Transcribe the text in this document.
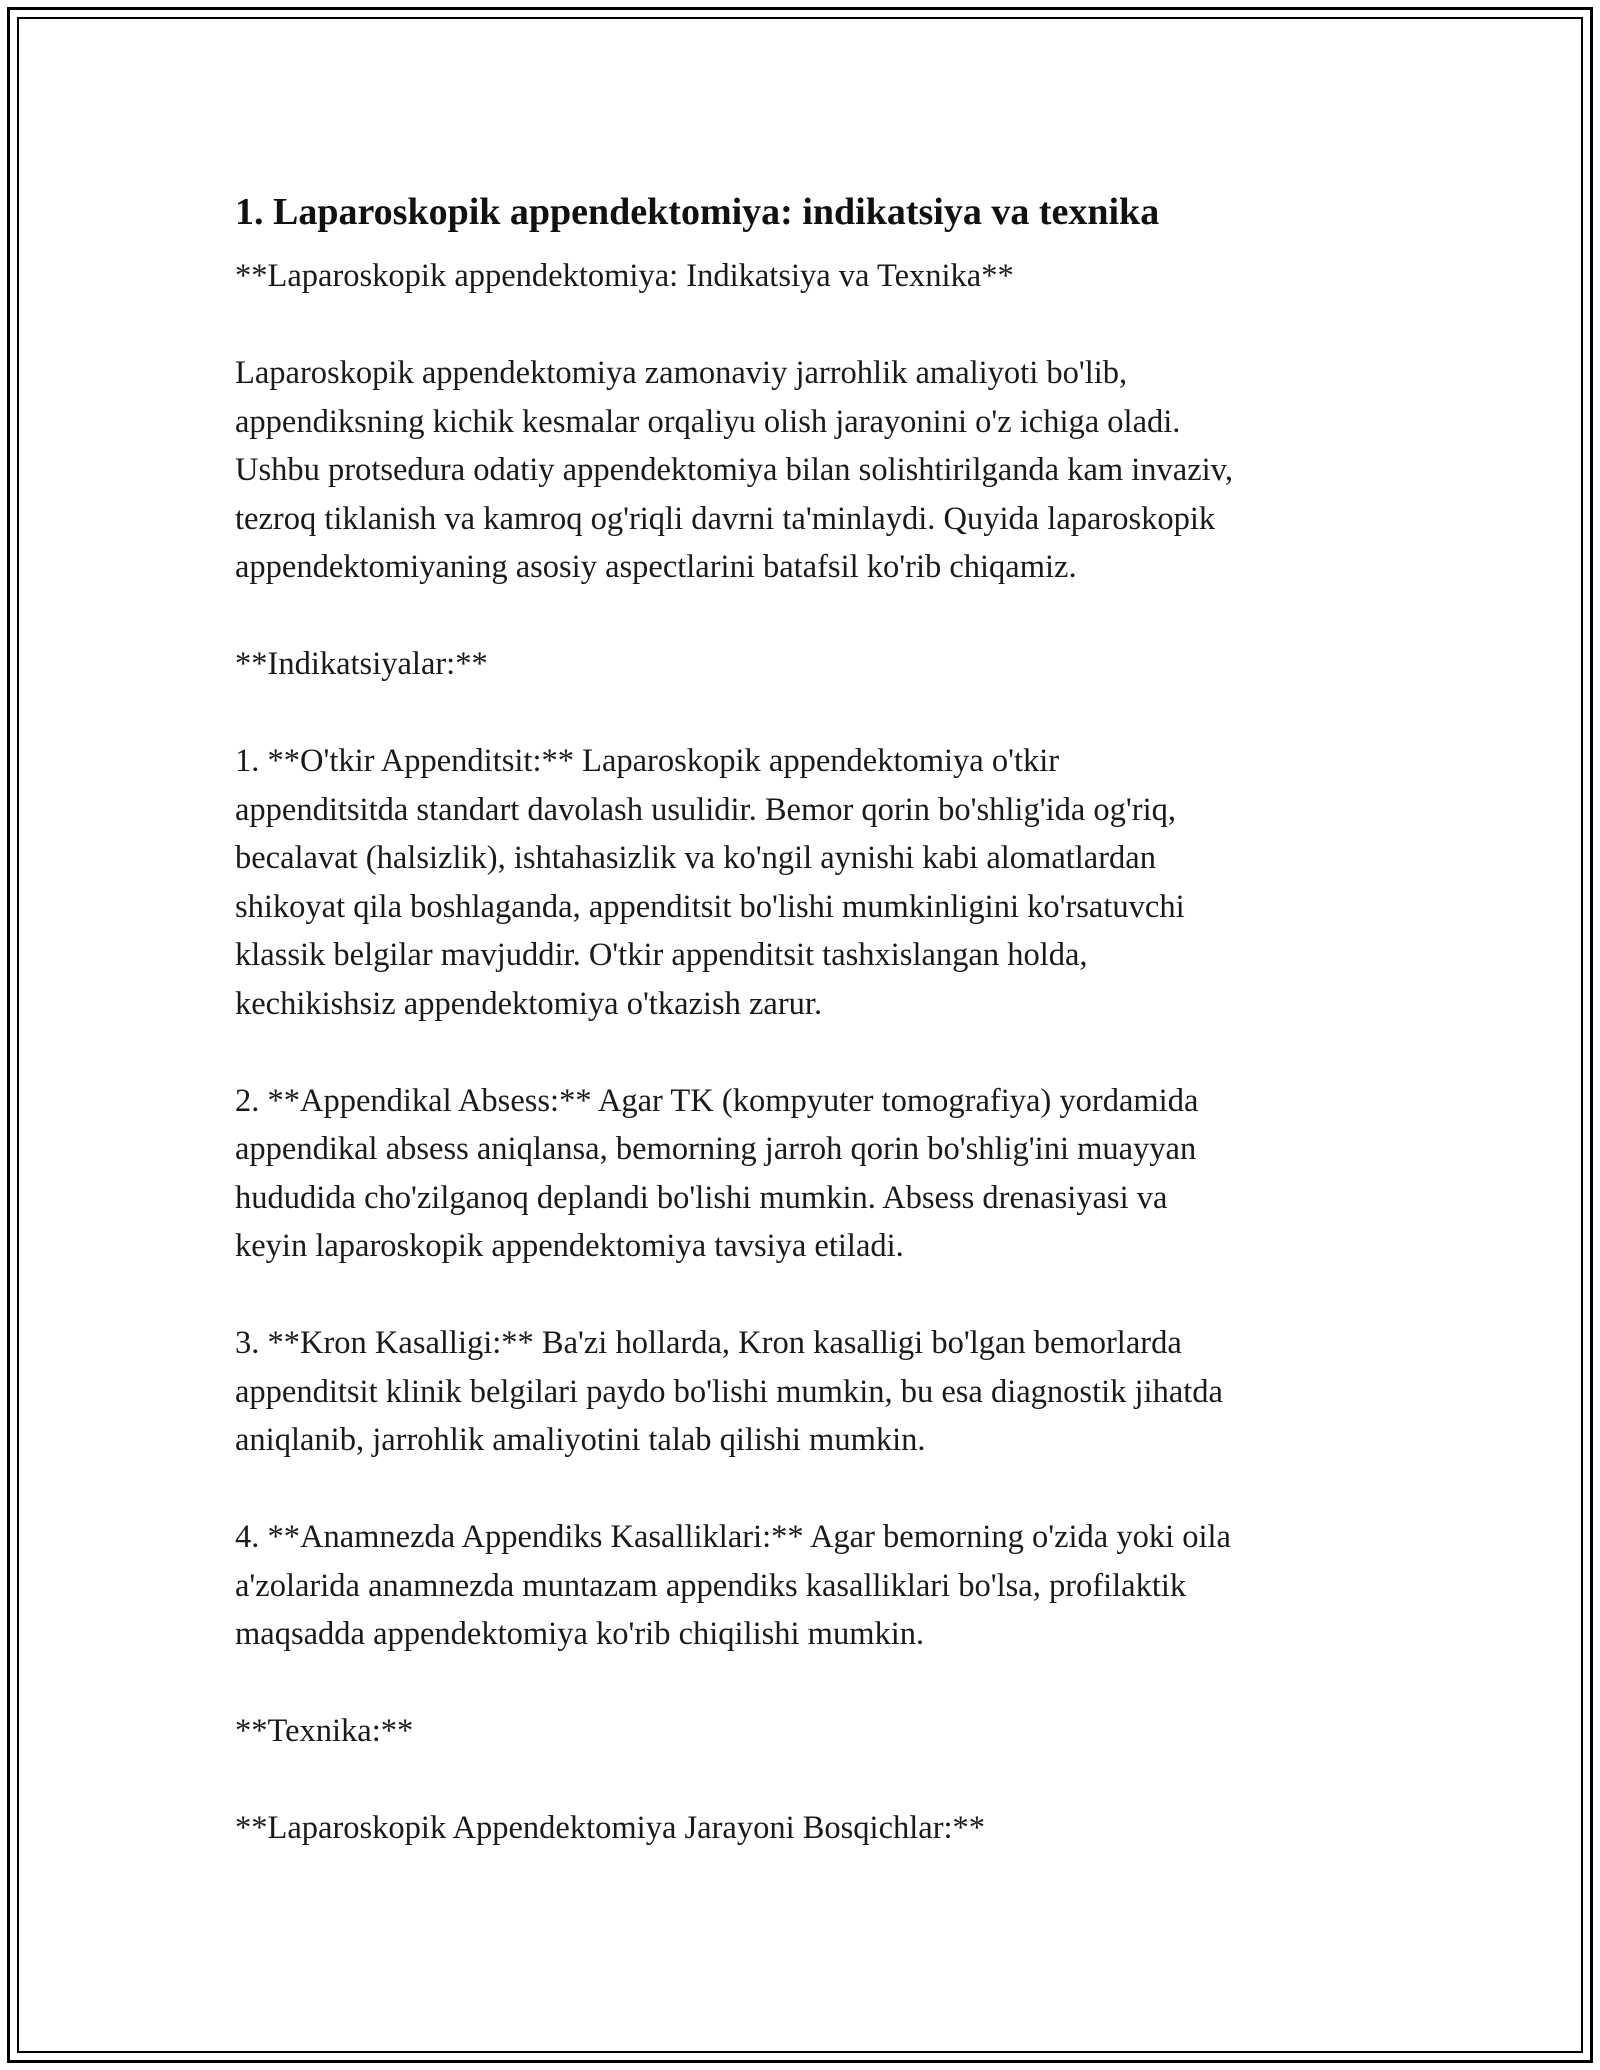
1. Laparoskopik appendektomiya: indikatsiya va texnika

**Laparoskopik appendektomiya: Indikatsiya va Texnika**

Laparoskopik appendektomiya zamonaviy jarrohlik amaliyoti bo'lib,
appendiksning kichik kesmalar orqaliyu olish jarayonini o'z ichiga oladi.
Ushbu protsedura odatiy appendektomiya bilan solishtirilganda kam invaziv,
tezroq tiklanish va kamroq og'riqli davrni ta'minlaydi. Quyida laparoskopik
appendektomiyaning asosiy aspectlarini batafsil ko'rib chiqamiz.
**Indikatsiyalar:**
1. **O'tkir Appenditsit:** Laparoskopik appendektomiya o'tkir
appenditsitda standart davolash usulidir. Bemor qorin bo'shlig'ida og'riq,
becalavat (halsizlik), ishtahasizlik va ko'ngil aynishi kabi alomatlardan
shikoyat qila boshlaganda, appenditsit bo'lishi mumkinligini ko'rsatuvchi
klassik belgilar mavjuddir. O'tkir appenditsit tashxislangan holda,
kechikishsiz appendektomiya o'tkazish zarur.
2. **Appendikal Absess:** Agar TK (kompyuter tomografiya) yordamida
appendikal absess aniqlansa, bemorning jarroh qorin bo'shlig'ini muayyan
hududida cho'zilganoq deplandi bo'lishi mumkin. Absess drenasiyasi va
keyin laparoskopik appendektomiya tavsiya etiladi.
3. **Kron Kasalligi:** Ba'zi hollarda, Kron kasalligi bo'lgan bemorlarda
appenditsit klinik belgilari paydo bo'lishi mumkin, bu esa diagnostik jihatda
aniqlanib, jarrohlik amaliyotini talab qilishi mumkin.
4. **Anamnezda Appendiks Kasalliklari:** Agar bemorning o'zida yoki oila
a'zolarida anamnezda muntazam appendiks kasalliklari bo'lsa, profilaktik
maqsadda appendektomiya ko'rib chiqilishi mumkin.
**Texnika:**
**Laparoskopik Appendektomiya Jarayoni Bosqichlar:**
